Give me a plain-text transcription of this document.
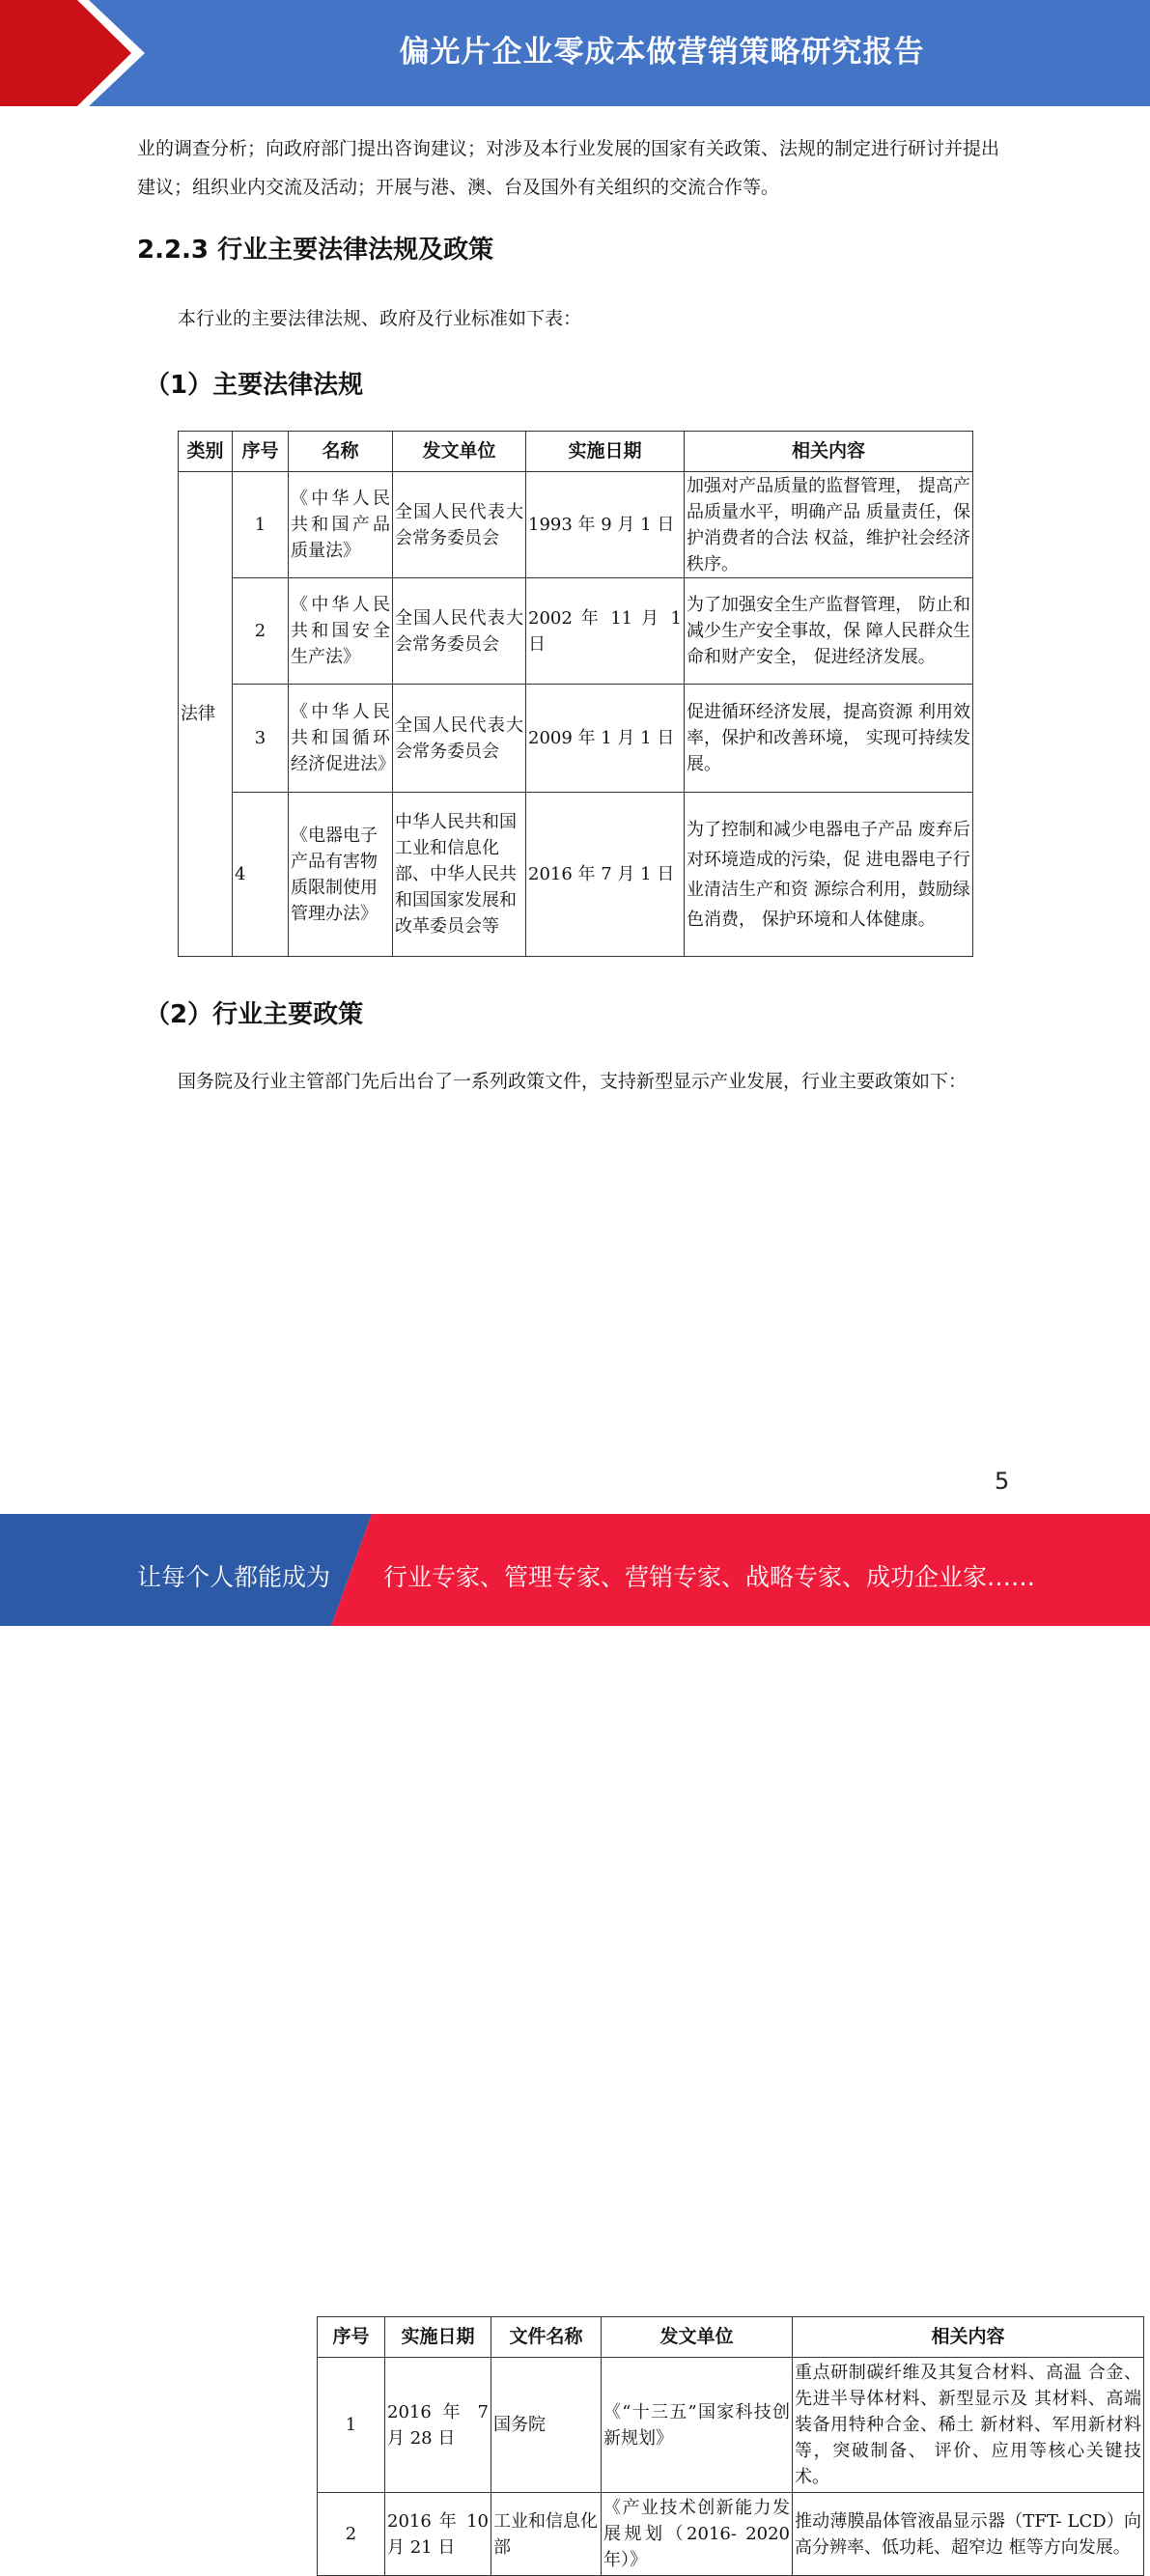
偏光片企业零成本做营销策略研究报告
业的调查分析；向政府部门提出咨询建议；对涉及本行业发展的国家有关政策、法规的制定进行研讨并提出建议；组织业内交流及活动；开展与港、澳、台及国外有关组织的交流合作等。
2.2.3 行业主要法律法规及政策
本行业的主要法律法规、政府及行业标准如下表：
（1）主要法律法规
类别	序号	名称	发文单位	实施日期	相关内容
法律	1	《中华人民共和国产品质量法》	全国人民代表大会常务委员会	1993 年 9 月 1 日	加强对产品质量的监督管理， 提高产品质量水平，明确产品 质量责任，保护消费者的合法 权益，维护社会经济秩序。
	2	《中华人民共和国安全生产法》	全国人民代表大会常务委员会	2002 年 11 月 1 日	为了加强安全生产监督管理， 防止和减少生产安全事故，保 障人民群众生命和财产安全， 促进经济发展。
	3	《中华人民共和国循环经济促进法》	全国人民代表大会常务委员会	2009 年 1 月 1 日	促进循环经济发展，提高资源 利用效率，保护和改善环境， 实现可持续发展。
	4	《电器电子产品有害物质限制使用管理办法》	中华人民共和国工业和信息化部、中华人民共和国国家发展和改革委员会等	2016 年 7 月 1 日	为了控制和减少电器电子产品 废弃后对环境造成的污染，促 进电器电子行业清洁生产和资 源综合利用，鼓励绿色消费， 保护环境和人体健康。
（2）行业主要政策
国务院及行业主管部门先后出台了一系列政策文件，支持新型显示产业发展，行业主要政策如下：
序号	实施日期	文件名称	发文单位	相关内容
1	2016 年 7 月 28 日	国务院	《“十三五”国家科技创新规划》	重点研制碳纤维及其复合材料、高温 合金、先进半导体材料、新型显示及 其材料、高端装备用特种合金、稀土 新材料、军用新材料等，突破制备、 评价、应用等核心关键技术。
2	2016 年 10 月 21 日	工业和信息化部	《产业技术创新能力发展规划（2016- 2020 年）》	推动薄膜晶体管液晶显示器（TFT- LCD）向高分辨率、低功耗、超窄边 框等方向发展。
5
让每个人都能成为 行业专家、管理专家、营销专家、战略专家、成功企业家……
